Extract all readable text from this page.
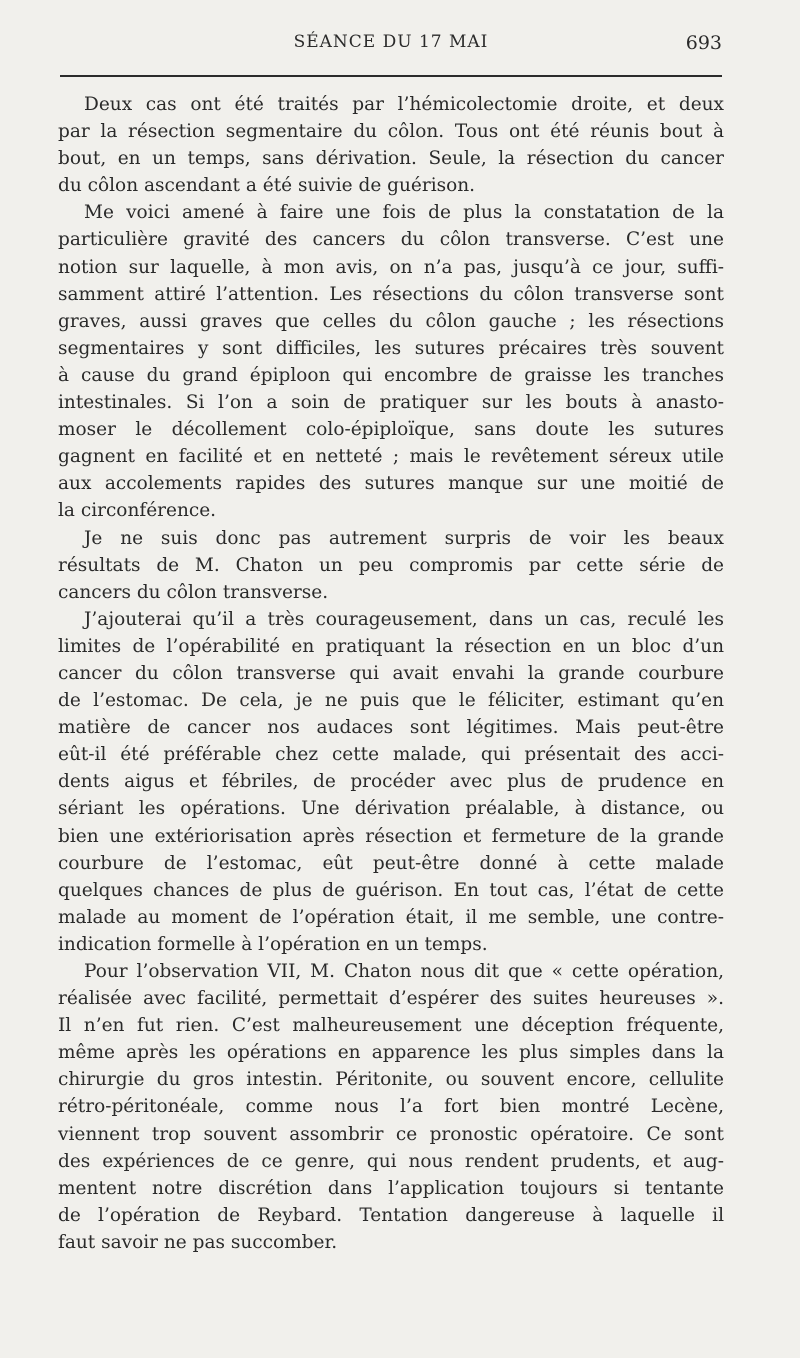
SÉANCE DU 17 MAI	693

Deux cas ont été traités par l’hémicolectomie droite, et deux
par la résection segmentaire du côlon. Tous ont été réunis bout à
bout, en un temps, sans dérivation. Seule, la résection du cancer
du côlon ascendant a été suivie de guérison.

Me voici amené à faire une fois de plus la constatation de la
particulière gravité des cancers du côlon transverse. C’est une
notion sur laquelle, à mon avis, on n’a pas, jusqu’à ce jour, suffi-
samment attiré l’attention. Les résections du côlon transverse sont
graves, aussi graves que celles du côlon gauche ; les résections
segmentaires y sont difficiles, les sutures précaires très souvent
à cause du grand épiploon qui encombre de graisse les tranches
intestinales. Si l’on a soin de pratiquer sur les bouts à anasto-
moser le décollement colo-épiploïque, sans doute les sutures
gagnent en facilité et en netteté ; mais le revêtement séreux utile
aux accolements rapides des sutures manque sur une moitié de
la circonférence.

Je ne suis donc pas autrement surpris de voir les beaux
résultats de M. Chaton un peu compromis par cette série de
cancers du côlon transverse.

J’ajouterai qu’il a très courageusement, dans un cas, reculé les
limites de l’opérabilité en pratiquant la résection en un bloc d’un
cancer du côlon transverse qui avait envahi la grande courbure
de l’estomac. De cela, je ne puis que le féliciter, estimant qu’en
matière de cancer nos audaces sont légitimes. Mais peut-être
eût-il été préférable chez cette malade, qui présentait des acci-
dents aigus et fébriles, de procéder avec plus de prudence en
sériant les opérations. Une dérivation préalable, à distance, ou
bien une extériorisation après résection et fermeture de la grande
courbure de l’estomac, eût peut-être donné à cette malade
quelques chances de plus de guérison. En tout cas, l’état de cette
malade au moment de l’opération était, il me semble, une contre-
indication formelle à l’opération en un temps.

Pour l’observation VII, M. Chaton nous dit que « cette opération,
réalisée avec facilité, permettait d’espérer des suites heureuses ».
Il n’en fut rien. C’est malheureusement une déception fréquente,
même après les opérations en apparence les plus simples dans la
chirurgie du gros intestin. Péritonite, ou souvent encore, cellulite
rétro-péritonéale, comme nous l’a fort bien montré Lecène,
viennent trop souvent assombrir ce pronostic opératoire. Ce sont
des expériences de ce genre, qui nous rendent prudents, et aug-
mentent notre discrétion dans l’application toujours si tentante
de l’opération de Reybard. Tentation dangereuse à laquelle il
faut savoir ne pas succomber.
